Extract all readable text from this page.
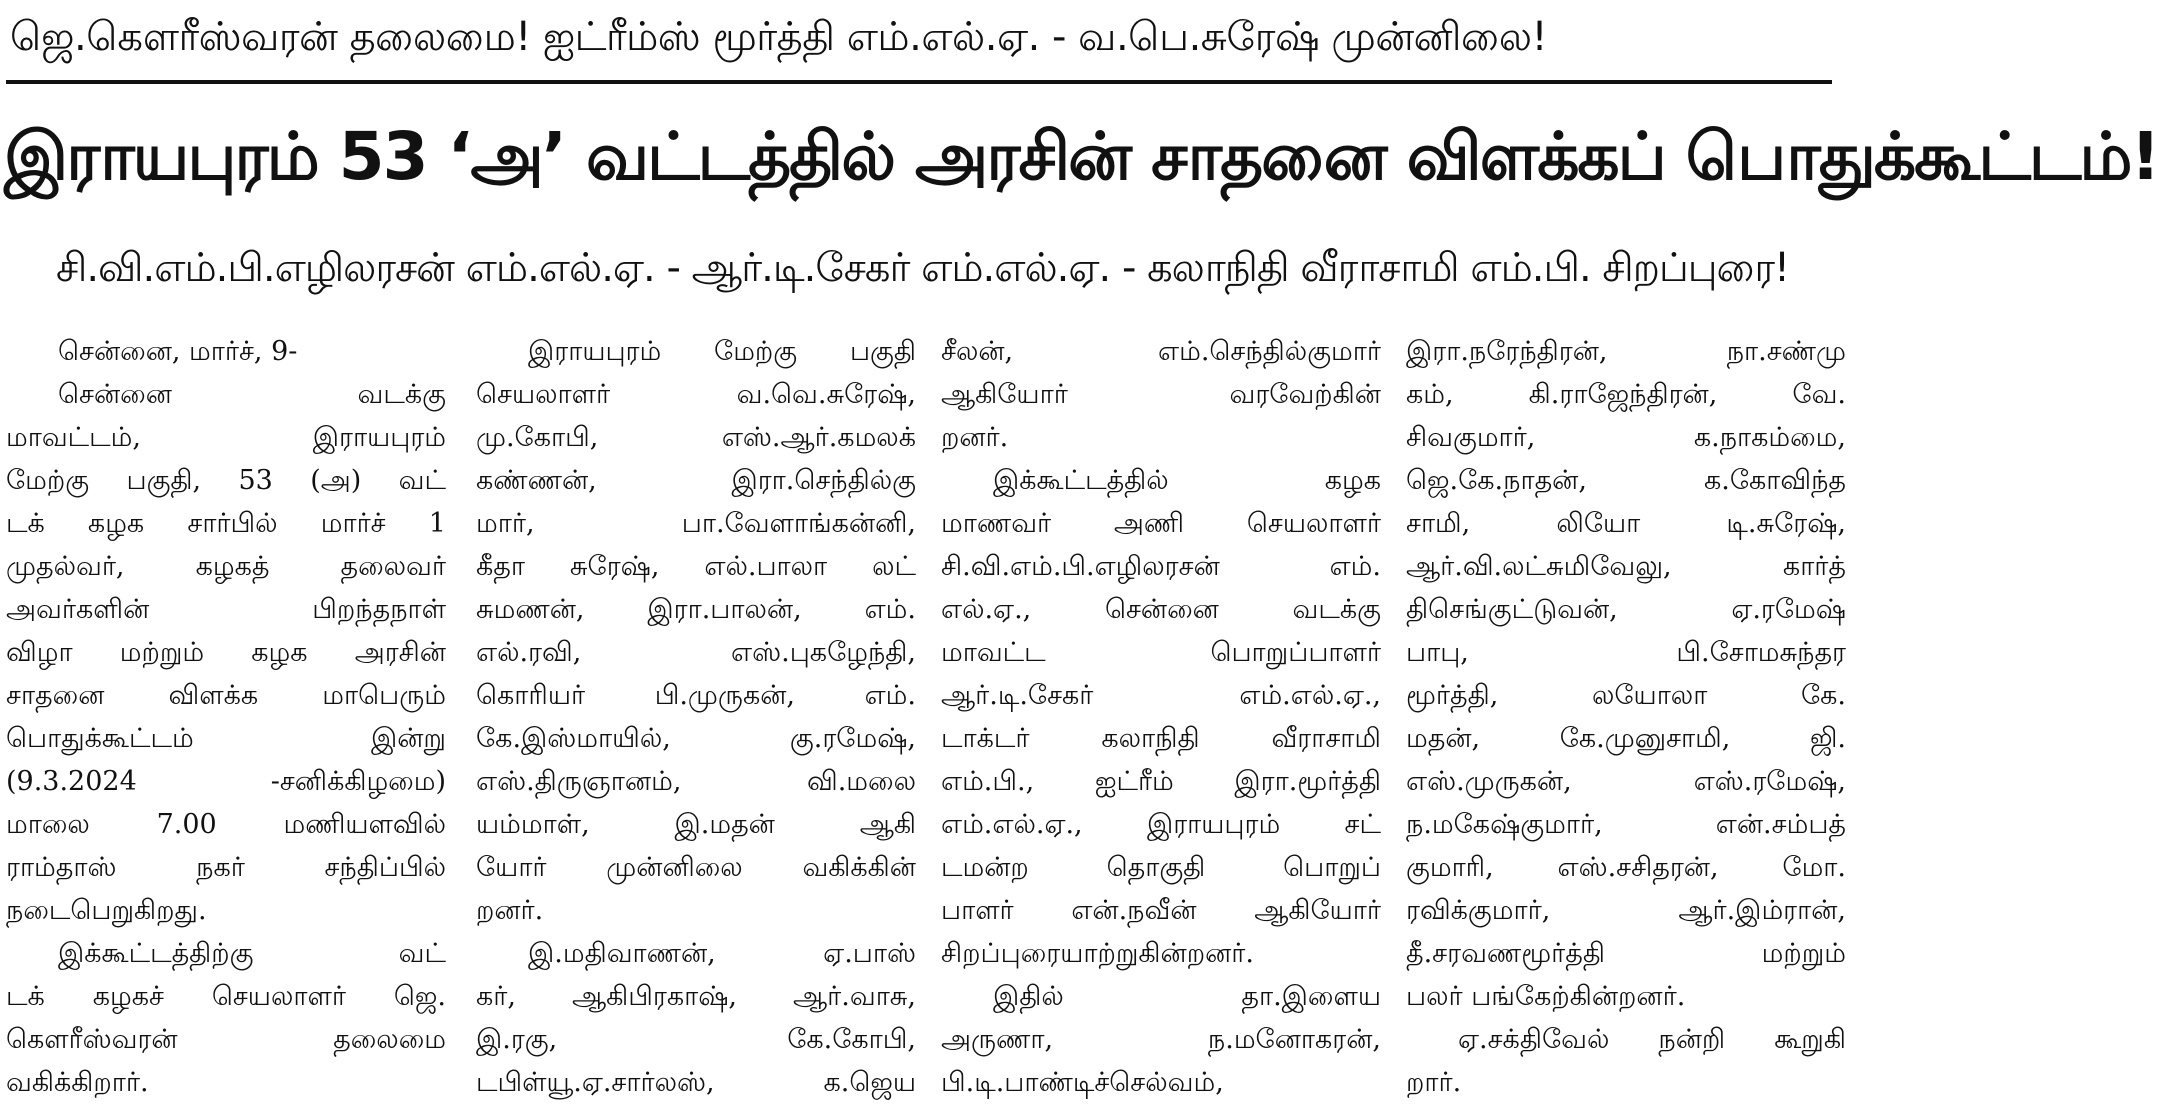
ஜெ.கௌரீஸ்வரன் தலைமை! ஐட்ரீம்ஸ் மூர்த்தி எம்.எல்.ஏ. - வ.பெ.சுரேஷ் முன்னிலை!
இராயபுரம் 53 ‘அ’ வட்டத்தில் அரசின் சாதனை விளக்கப் பொதுக்கூட்டம்!
சி.வி.எம்.பி.எழிலரசன் எம்.எல்.ஏ. - ஆர்.டி.சேகர் எம்.எல்.ஏ. - கலாநிதி வீராசாமி எம்.பி. சிறப்புரை!
சென்னை, மார்ச், 9-
சென்னை வடக்கு
மாவட்டம், இராயபுரம்
மேற்கு பகுதி, 53 (அ) வட்
டக் கழக சார்பில் மார்ச் 1
முதல்வர், கழகத் தலைவர்
அவர்களின் பிறந்தநாள்
விழா மற்றும் கழக அரசின்
சாதனை விளக்க மாபெரும்
பொதுக்கூட்டம் இன்று
(9.3.2024 -சனிக்கிழமை)
மாலை 7.00 மணியளவில்
ராம்தாஸ் நகர் சந்திப்பில்
நடைபெறுகிறது.
இக்கூட்டத்திற்கு வட்
டக் கழகச் செயலாளர் ஜெ.
கௌரீஸ்வரன் தலைமை
வகிக்கிறார்.
இராயபுரம் மேற்கு பகுதி
செயலாளர் வ.வெ.சுரேஷ்,
மு.கோபி, எஸ்.ஆர்.கமலக்
கண்ணன், இரா.செந்தில்கு
மார், பா.வேளாங்கன்னி,
கீதா சுரேஷ், எல்.பாலா லட்
சுமணன், இரா.பாலன், எம்.
எல்.ரவி, எஸ்.புகழேந்தி,
கொரியர் பி.முருகன், எம்.
கே.இஸ்மாயில், கு.ரமேஷ்,
எஸ்.திருஞானம், வி.மலை
யம்மாள், இ.மதன் ஆகி
யோர் முன்னிலை வகிக்கின்
றனர்.
இ.மதிவாணன், ஏ.பாஸ்
கர், ஆகிபிரகாஷ், ஆர்.வாசு,
இ.ரகு, கே.கோபி,
டபிள்யூ.ஏ.சார்லஸ், க.ஜெய
சீலன், எம்.செந்தில்குமார்
ஆகியோர் வரவேற்கின்
றனர்.
இக்கூட்டத்தில் கழக
மாணவர் அணி செயலாளர்
சி.வி.எம்.பி.எழிலரசன் எம்.
எல்.ஏ., சென்னை வடக்கு
மாவட்ட பொறுப்பாளர்
ஆர்.டி.சேகர் எம்.எல்.ஏ.,
டாக்டர் கலாநிதி வீராசாமி
எம்.பி., ஐட்ரீம் இரா.மூர்த்தி
எம்.எல்.ஏ., இராயபுரம் சட்
டமன்ற தொகுதி பொறுப்
பாளர் என்.நவீன் ஆகியோர்
சிறப்புரையாற்றுகின்றனர்.
இதில் தா.இளைய
அருணா, ந.மனோகரன்,
பி.டி.பாண்டிச்செல்வம்,
இரா.நரேந்திரன், நா.சண்மு
கம், கி.ராஜேந்திரன், வே.
சிவகுமார், க.நாகம்மை,
ஜெ.கே.நாதன், க.கோவிந்த
சாமி, லியோ டி.சுரேஷ்,
ஆர்.வி.லட்சுமிவேலு, கார்த்
திசெங்குட்டுவன், ஏ.ரமேஷ்
பாபு, பி.சோமசுந்தர
மூர்த்தி, லயோலா கே.
மதன், கே.முனுசாமி, ஜி.
எஸ்.முருகன், எஸ்.ரமேஷ்,
ந.மகேஷ்குமார், என்.சம்பத்
குமாரி, எஸ்.சசிதரன், மோ.
ரவிக்குமார், ஆர்.இம்ரான்,
தீ.சரவணமூர்த்தி மற்றும்
பலர் பங்கேற்கின்றனர்.
ஏ.சக்திவேல் நன்றி கூறுகி
றார்.
